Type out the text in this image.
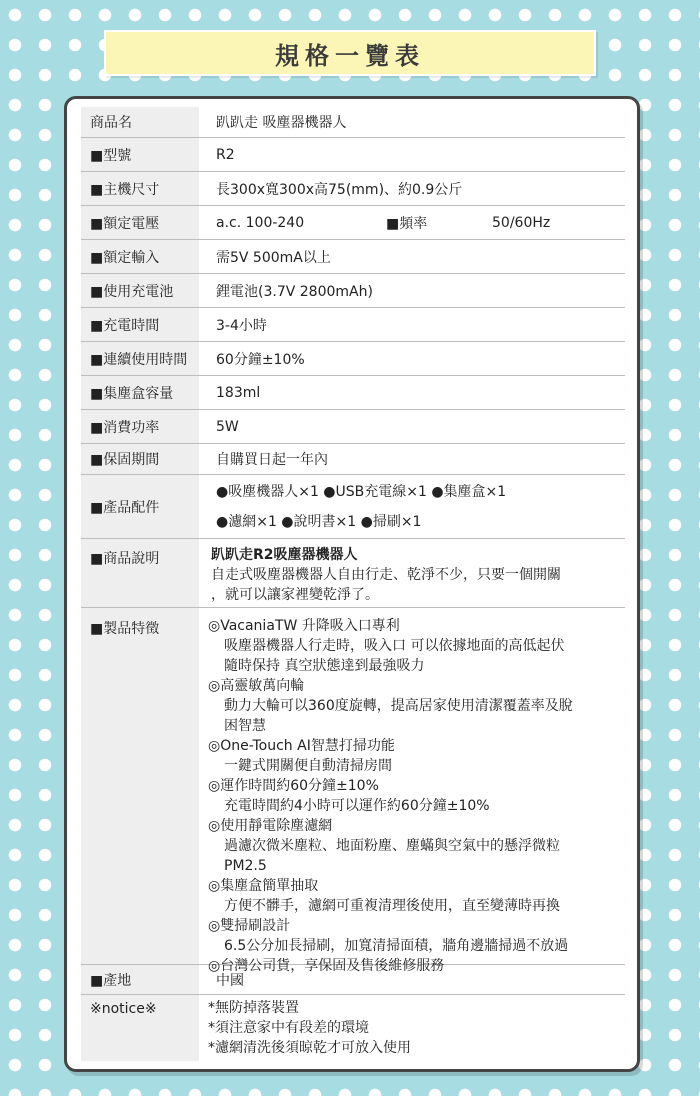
規格一覽表
商品名	趴趴走 吸塵器機器人
■型號	R2
■主機尺寸	長300x寬300x高75(mm)、約0.9公斤
■額定電壓	a.c. 100-240	■頻率	50/60Hz
■額定輸入	需5V 500mA以上
■使用充電池	鋰電池(3.7V 2800mAh)
■充電時間	3-4小時
■連續使用時間	60分鐘±10%
■集塵盒容量	183ml
■消費功率	5W
■保固期間	自購買日起一年內
■產品配件
●吸塵機器人×1 ●USB充電線×1 ●集塵盒×1
●濾網×1 ●說明書×1 ●掃刷×1
■商品說明	趴趴走R2吸塵器機器人
自走式吸塵器機器人自由行走、乾淨不少，只要一個開關
，就可以讓家裡變乾淨了。
■製品特徵	◎VacaniaTW 升降吸入口專利
吸塵器機器人行走時，吸入口 可以依據地面的高低起伏
隨時保持 真空狀態達到最強吸力
◎高靈敏萬向輪
動力大輪可以360度旋轉，提高居家使用清潔覆蓋率及脫
困智慧
◎One-Touch AI智慧打掃功能
一鍵式開關便自動清掃房間
◎運作時間約60分鐘±10%
充電時間約4小時可以運作約60分鐘±10%
◎使用靜電除塵濾網
過濾次微米塵粒、地面粉塵、塵蟎與空氣中的懸浮微粒
PM2.5
◎集塵盒簡單抽取
方便不髒手，濾網可重複清理後使用，直至變薄時再換
◎雙掃刷設計
6.5公分加長掃刷，加寬清掃面積，牆角邊牆掃過不放過
◎台灣公司貨，享保固及售後維修服務
■產地	中國
※notice※	*無防掉落裝置
*須注意家中有段差的環境
*濾網清洗後須晾乾才可放入使用
